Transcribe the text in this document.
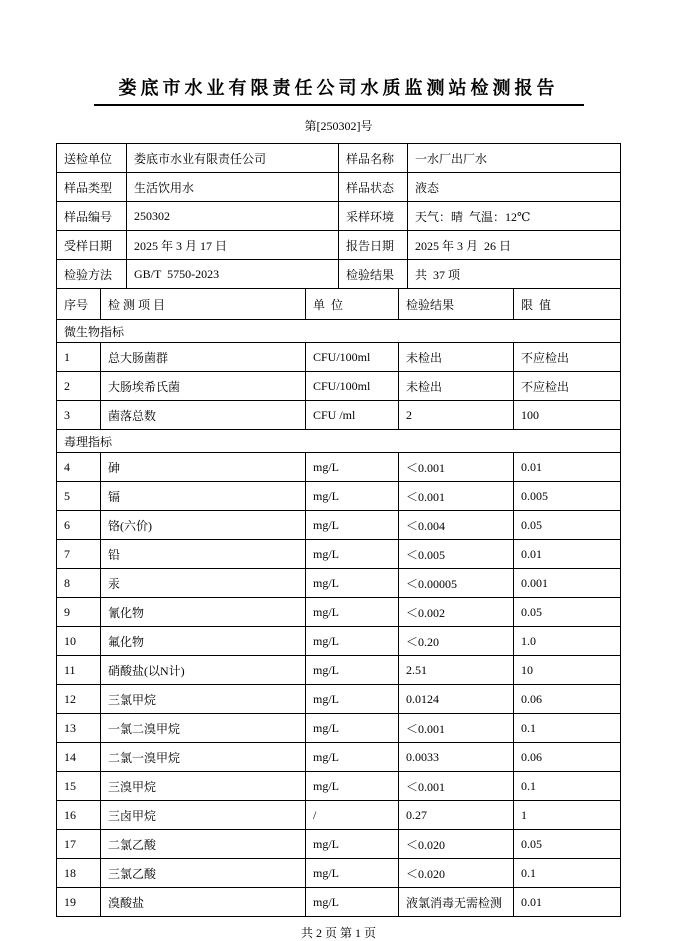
娄底市水业有限责任公司水质监测站检测报告
第[250302]号
送检单位	娄底市水业有限责任公司	样品名称	一水厂出厂水
样品类型	生活饮用水	样品状态	液态
样品编号	250302	采样环境	天气：晴  气温：12℃
受样日期	2025 年 3 月 17 日	报告日期	2025 年 3 月  26 日
检验方法	GB/T  5750-2023	检验结果	共  37 项
序号	检 测 项 目	单  位	检验结果	限  值
微生物指标				
1	总大肠菌群	CFU/100ml	未检出	不应检出
2	大肠埃希氏菌	CFU/100ml	未检出	不应检出
3	菌落总数	CFU /ml	2	100
毒理指标				
4	砷	mg/L	＜0.001	0.01
5	镉	mg/L	＜0.001	0.005
6	铬(六价)	mg/L	＜0.004	0.05
7	铅	mg/L	＜0.005	0.01
8	汞	mg/L	＜0.00005	0.001
9	氰化物	mg/L	＜0.002	0.05
10	氟化物	mg/L	＜0.20	1.0
11	硝酸盐(以N计)	mg/L	2.51	10
12	三氯甲烷	mg/L	0.0124	0.06
13	一氯二溴甲烷	mg/L	＜0.001	0.1
14	二氯一溴甲烷	mg/L	0.0033	0.06
15	三溴甲烷	mg/L	＜0.001	0.1
16	三卤甲烷	/	0.27	1
17	二氯乙酸	mg/L	＜0.020	0.05
18	三氯乙酸	mg/L	＜0.020	0.1
19	溴酸盐	mg/L	液氯消毒无需检测	0.01
共 2 页 第 1 页
